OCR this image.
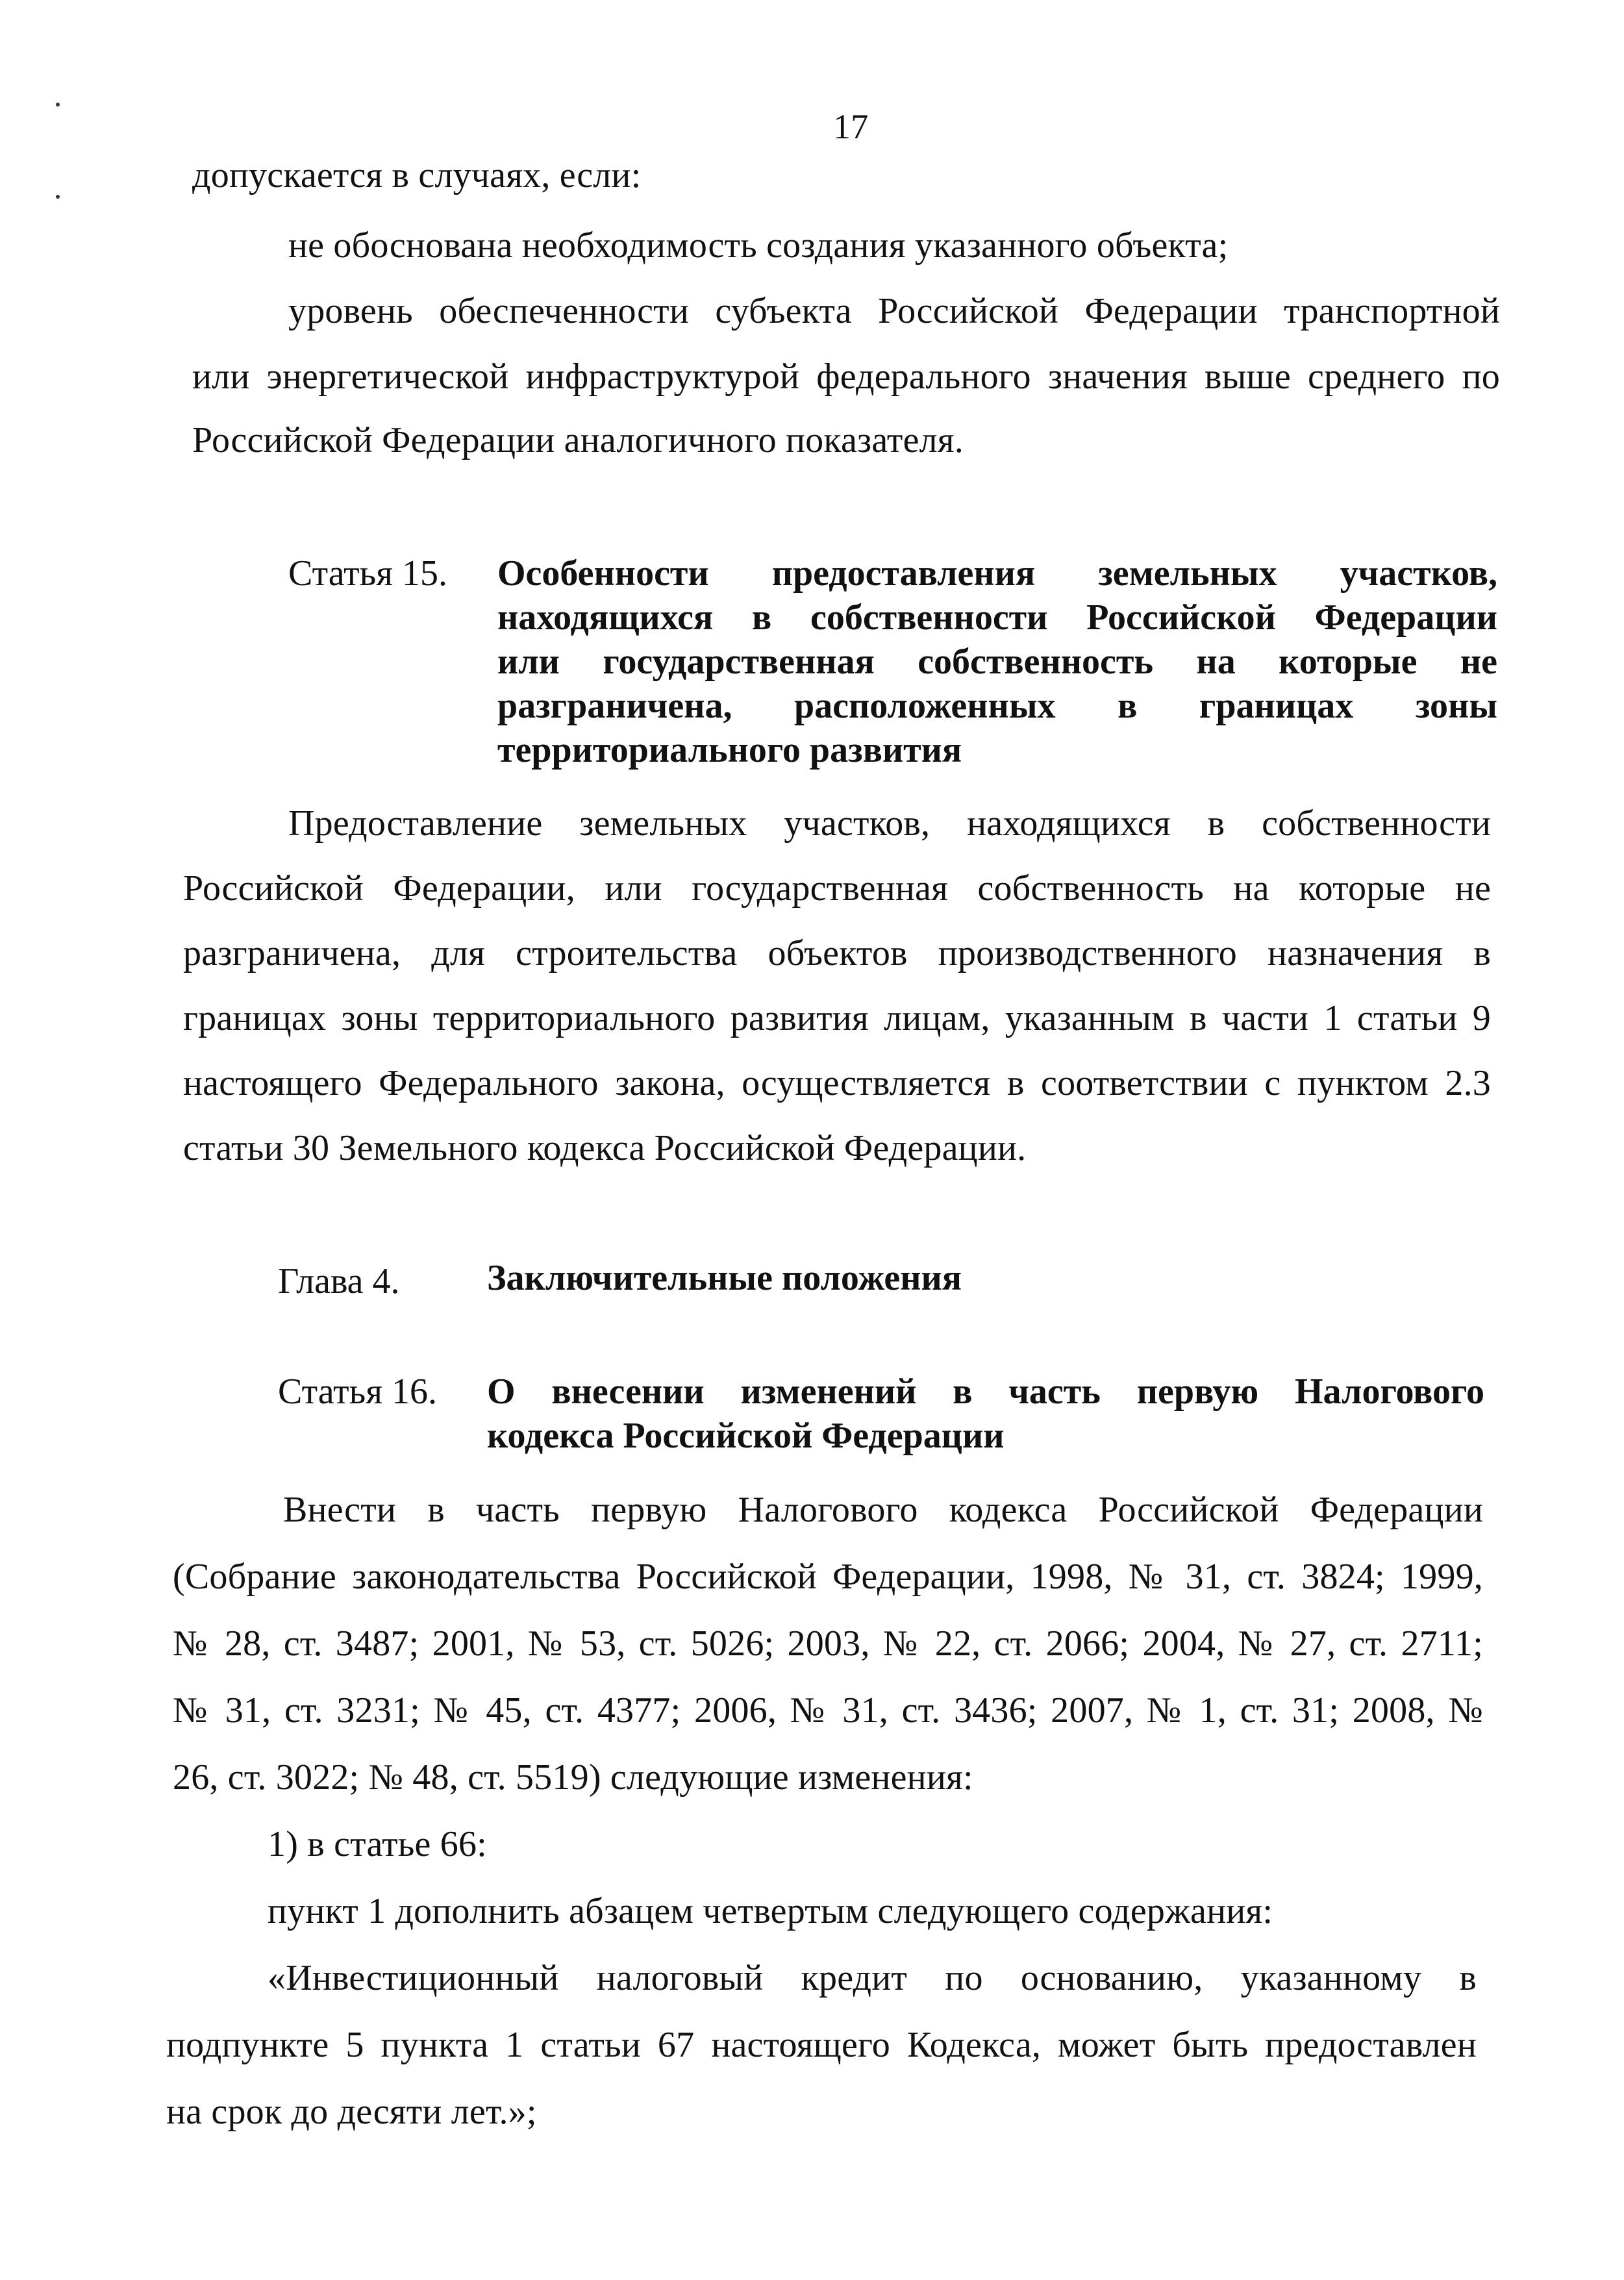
17

допускается в случаях, если:

не обоснована необходимость создания указанного объекта;

уровень обеспеченности субъекта Российской Федерации транспортной

или энергетической инфраструктурой федерального значения выше среднего по

Российской Федерации аналогичного показателя.

Статья 15. Особенности предоставления земельных участков,
находящихся в собственности Российской Федерации
или государственная собственность на которые не
разграничена, расположенных в границах зоны
территориального развития

Предоставление земельных участков, находящихся в собственности

Российской Федерации, или государственная собственность на которые не

разграничена, для строительства объектов производственного назначения в

границах зоны территориального развития лицам, указанным в части 1 статьи 9

настоящего Федерального закона, осуществляется в соответствии с пунктом 2.3

статьи 30 Земельного кодекса Российской Федерации.

Глава 4. Заключительные положения

Статья 16. О внесении изменений в часть первую Налогового
кодекса Российской Федерации

Внести в часть первую Налогового кодекса Российской Федерации

(Собрание законодательства Российской Федерации, 1998, № 31, ст. 3824; 1999,

№ 28, ст. 3487; 2001, № 53, ст. 5026; 2003, № 22, ст. 2066; 2004, № 27, ст. 2711;

№ 31, ст. 3231; № 45, ст. 4377; 2006, № 31, ст. 3436; 2007, № 1, ст. 31; 2008, №

26, ст. 3022; № 48, ст. 5519) следующие изменения:

1) в статье 66:

пункт 1 дополнить абзацем четвертым следующего содержания:

«Инвестиционный налоговый кредит по основанию, указанному в

подпункте 5 пункта 1 статьи 67 настоящего Кодекса, может быть предоставлен

на срок до десяти лет.»;
